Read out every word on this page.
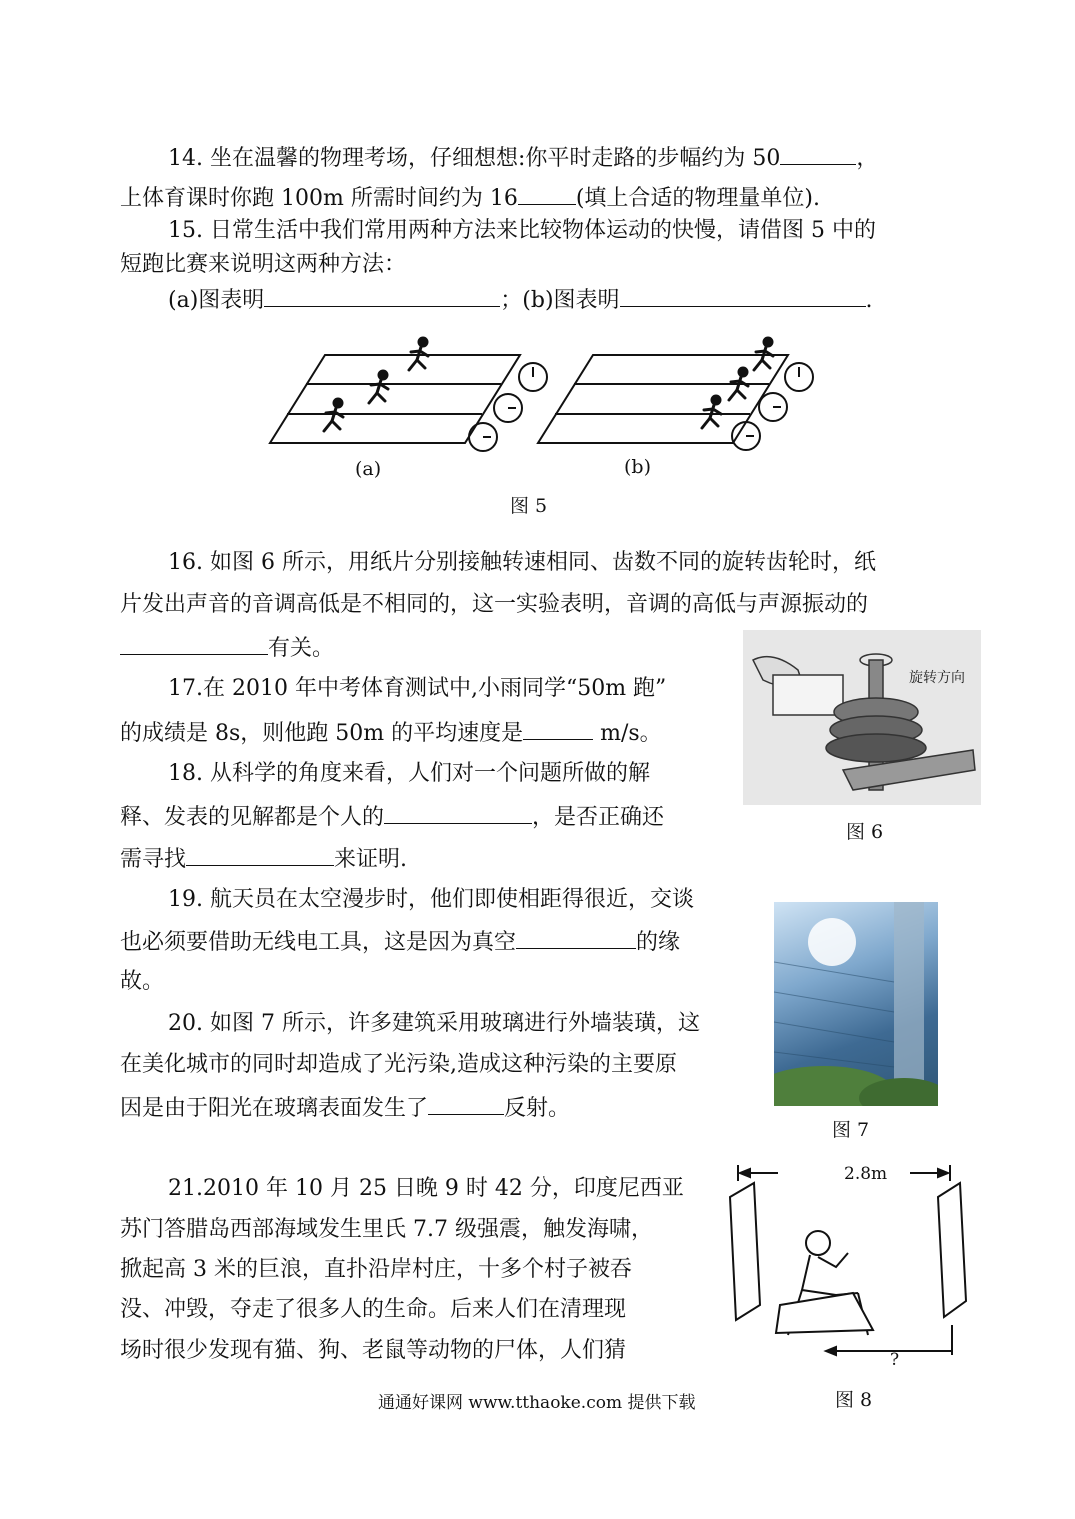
14. 坐在温馨的物理考场，仔细想想:你平时走路的步幅约为 50	，
上体育课时你跑 100m 所需时间约为 16	(填上合适的物理量单位).
15. 日常生活中我们常用两种方法来比较物体运动的快慢，请借图 5 中的
短跑比赛来说明这两种方法：
(a)图表明	；(b)图表明	.
(a)	(b)
图 5
16. 如图 6 所示，用纸片分别接触转速相同、齿数不同的旋转齿轮时，纸
片发出声音的音调高低是不相同的，这一实验表明，音调的高低与声源振动的
有关。
旋转方向
图 6
17.在 2010 年中考体育测试中,小雨同学“50m 跑”
的成绩是 8s，则他跑 50m 的平均速度是	m/s。
18. 从科学的角度来看，人们对一个问题所做的解
释、发表的见解都是个人的	，是否正确还
需寻找	来证明.
19. 航天员在太空漫步时，他们即使相距得很近，交谈
也必须要借助无线电工具，这是因为真空	的缘
故。
图 7
20. 如图 7 所示，许多建筑采用玻璃进行外墙装璜，这
在美化城市的同时却造成了光污染,造成这种污染的主要原
因是由于阳光在玻璃表面发生了	反射。
21.2010 年 10 月 25 日晚 9 时 42 分，印度尼西亚
苏门答腊岛西部海域发生里氏 7.7 级强震，触发海啸，
掀起高 3 米的巨浪，直扑沿岸村庄，十多个村子被吞
没、冲毁，夺走了很多人的生命。后来人们在清理现
场时很少发现有猫、狗、老鼠等动物的尸体，人们猜
2.8m
?
图 8
通通好课网 www.tthaoke.com 提供下载
